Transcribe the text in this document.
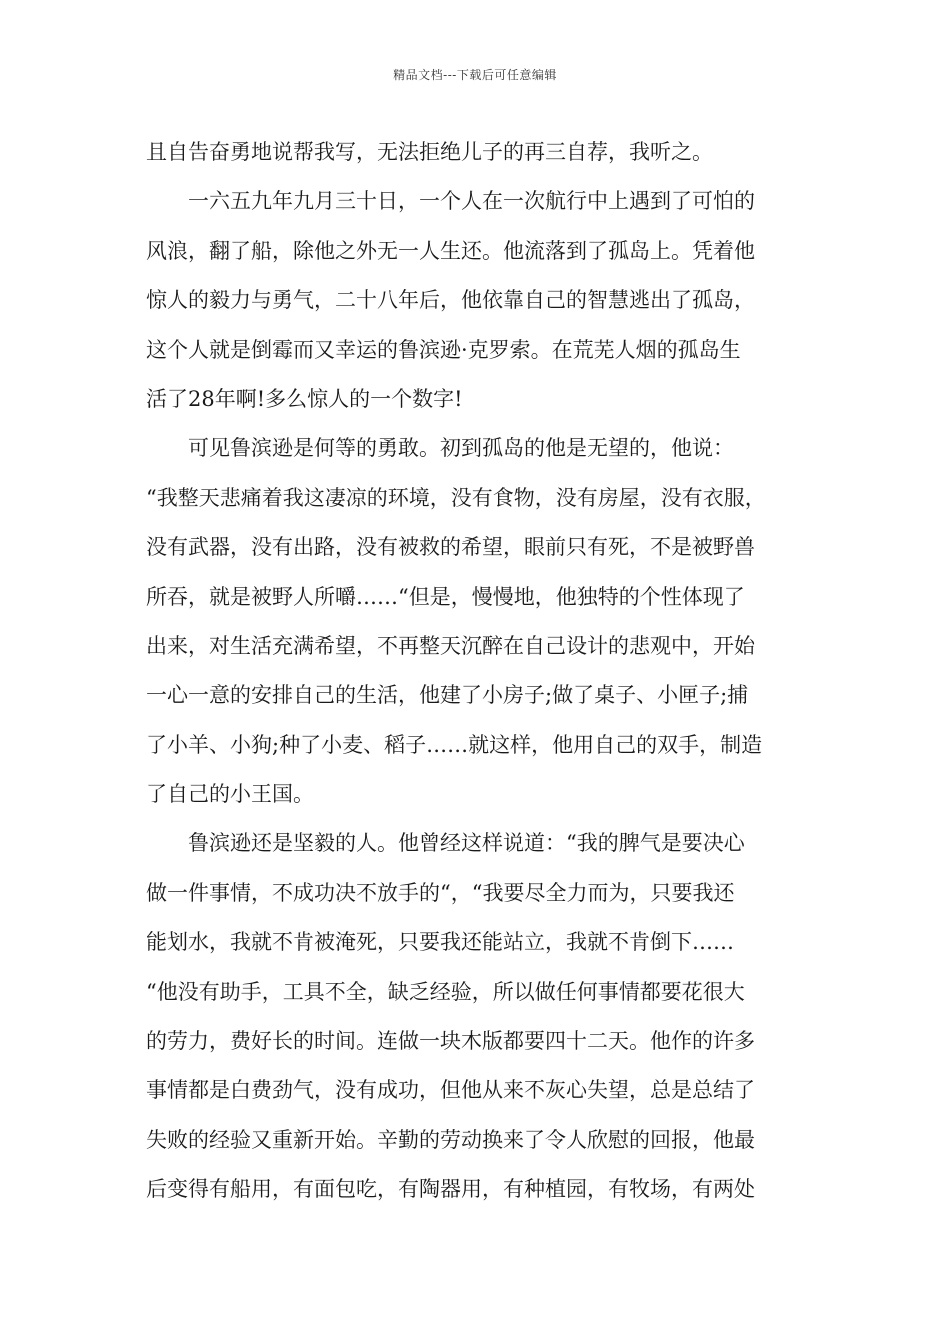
精品文档---下载后可任意编辑
且自告奋勇地说帮我写，无法拒绝儿子的再三自荐，我听之。
　　一六五九年九月三十日，一个人在一次航行中上遇到了可怕的
风浪，翻了船，除他之外无一人生还。他流落到了孤岛上。凭着他
惊人的毅力与勇气，二十八年后，他依靠自己的智慧逃出了孤岛，
这个人就是倒霉而又幸运的鲁滨逊·克罗索。在荒芜人烟的孤岛生
活了28年啊!多么惊人的一个数字!
　　可见鲁滨逊是何等的勇敢。初到孤岛的他是无望的，他说：
“我整天悲痛着我这凄凉的环境，没有食物，没有房屋，没有衣服，
没有武器，没有出路，没有被救的希望，眼前只有死，不是被野兽
所吞，就是被野人所嚼……“但是，慢慢地，他独特的个性体现了
出来，对生活充满希望，不再整天沉醉在自己设计的悲观中，开始
一心一意的安排自己的生活，他建了小房子;做了桌子、小匣子;捕
了小羊、小狗;种了小麦、稻子……就这样，他用自己的双手，制造
了自己的小王国。
　　鲁滨逊还是坚毅的人。他曾经这样说道：“我的脾气是要决心
做一件事情，不成功决不放手的“，“我要尽全力而为，只要我还
能划水，我就不肯被淹死，只要我还能站立，我就不肯倒下……
“他没有助手，工具不全，缺乏经验，所以做任何事情都要花很大
的劳力，费好长的时间。连做一块木版都要四十二天。他作的许多
事情都是白费劲气，没有成功，但他从来不灰心失望，总是总结了
失败的经验又重新开始。辛勤的劳动换来了令人欣慰的回报，他最
后变得有船用，有面包吃，有陶器用，有种植园，有牧场，有两处
